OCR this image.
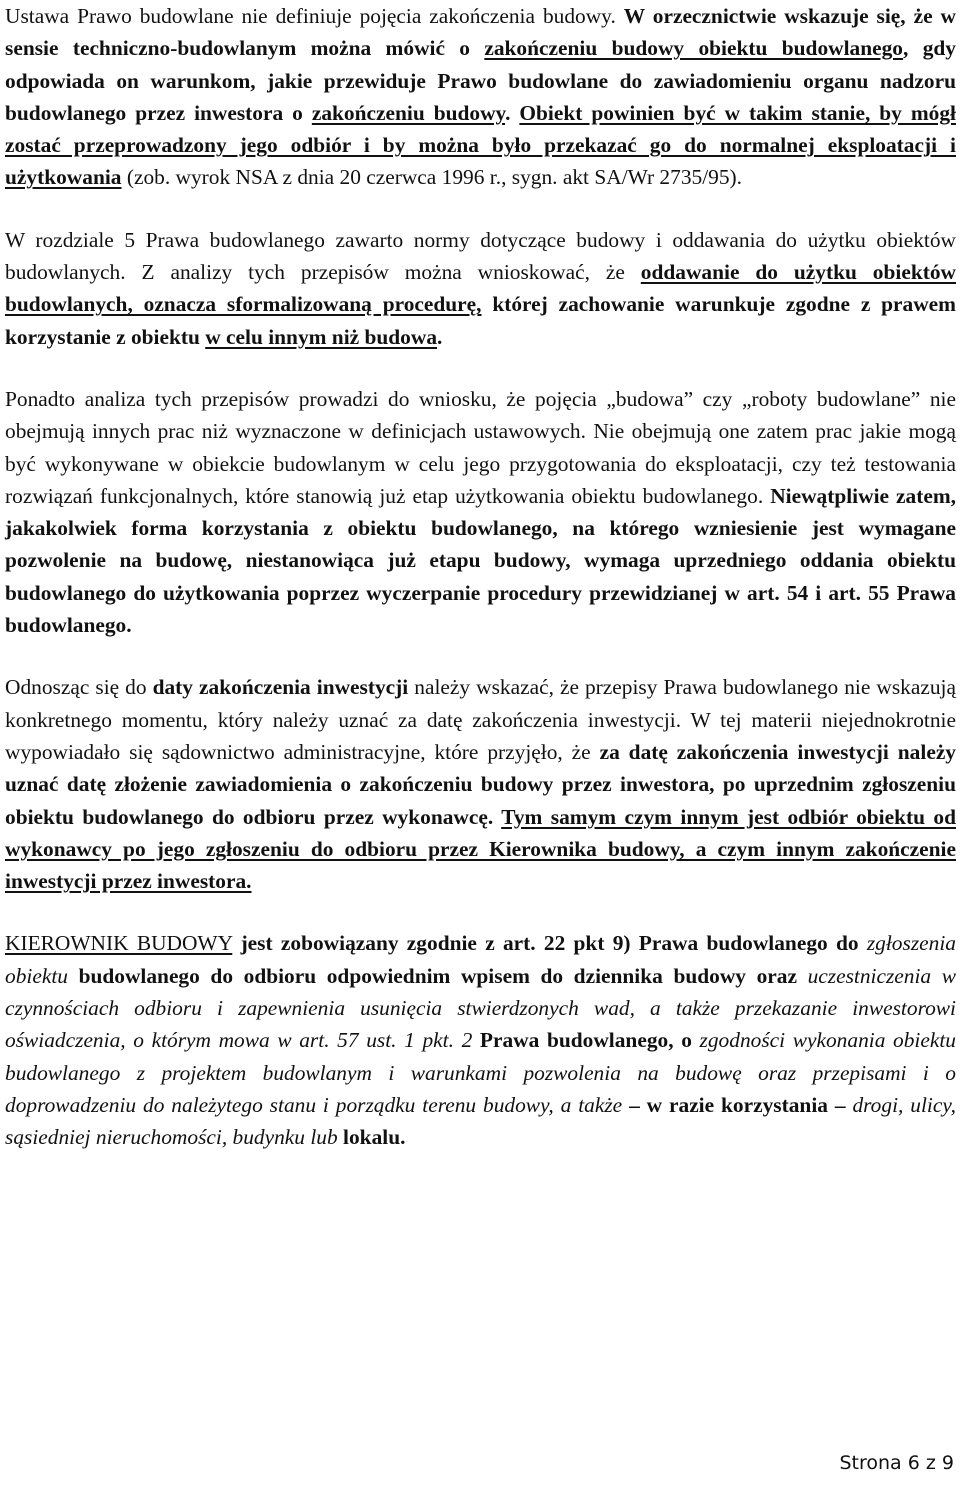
Ustawa Prawo budowlane nie definiuje pojęcia zakończenia budowy. W orzecznictwie wskazuje się, że w sensie techniczno-budowlanym można mówić o zakończeniu budowy obiektu budowlanego, gdy odpowiada on warunkom, jakie przewiduje Prawo budowlane do zawiadomieniu organu nadzoru budowlanego przez inwestora o zakończeniu budowy. Obiekt powinien być w takim stanie, by mógł zostać przeprowadzony jego odbiór i by można było przekazać go do normalnej eksploatacji i użytkowania (zob. wyrok NSA z dnia 20 czerwca 1996 r., sygn. akt SA/Wr 2735/95).

W rozdziale 5 Prawa budowlanego zawarto normy dotyczące budowy i oddawania do użytku obiektów budowlanych. Z analizy tych przepisów można wnioskować, że oddawanie do użytku obiektów budowlanych, oznacza sformalizowaną procedurę, której zachowanie warunkuje zgodne z prawem korzystanie z obiektu w celu innym niż budowa.

Ponadto analiza tych przepisów prowadzi do wniosku, że pojęcia „budowa” czy „roboty budowlane” nie obejmują innych prac niż wyznaczone w definicjach ustawowych. Nie obejmują one zatem prac jakie mogą być wykonywane w obiekcie budowlanym w celu jego przygotowania do eksploatacji, czy też testowania rozwiązań funkcjonalnych, które stanowią już etap użytkowania obiektu budowlanego. Niewątpliwie zatem, jakakolwiek forma korzystania z obiektu budowlanego, na którego wzniesienie jest wymagane pozwolenie na budowę, niestanowiąca już etapu budowy, wymaga uprzedniego oddania obiektu budowlanego do użytkowania poprzez wyczerpanie procedury przewidzianej w art. 54 i art. 55 Prawa budowlanego.

Odnosząc się do daty zakończenia inwestycji należy wskazać, że przepisy Prawa budowlanego nie wskazują konkretnego momentu, który należy uznać za datę zakończenia inwestycji. W tej materii niejednokrotnie wypowiadało się sądownictwo administracyjne, które przyjęło, że za datę zakończenia inwestycji należy uznać datę złożenie zawiadomienia o zakończeniu budowy przez inwestora, po uprzednim zgłoszeniu obiektu budowlanego do odbioru przez wykonawcę. Tym samym czym innym jest odbiór obiektu od wykonawcy po jego zgłoszeniu do odbioru przez Kierownika budowy, a czym innym zakończenie inwestycji przez inwestora.

KIEROWNIK BUDOWY jest zobowiązany zgodnie z art. 22 pkt 9) Prawa budowlanego do zgłoszenia obiektu budowlanego do odbioru odpowiednim wpisem do dziennika budowy oraz uczestniczenia w czynnościach odbioru i zapewnienia usunięcia stwierdzonych wad, a także przekazanie inwestorowi oświadczenia, o którym mowa w art. 57 ust. 1 pkt. 2 Prawa budowlanego, o zgodności wykonania obiektu budowlanego z projektem budowlanym i warunkami pozwolenia na budowę oraz przepisami i o doprowadzeniu do należytego stanu i porządku terenu budowy, a także – w razie korzystania – drogi, ulicy, sąsiedniej nieruchomości, budynku lub lokalu.

Strona 6 z 9
